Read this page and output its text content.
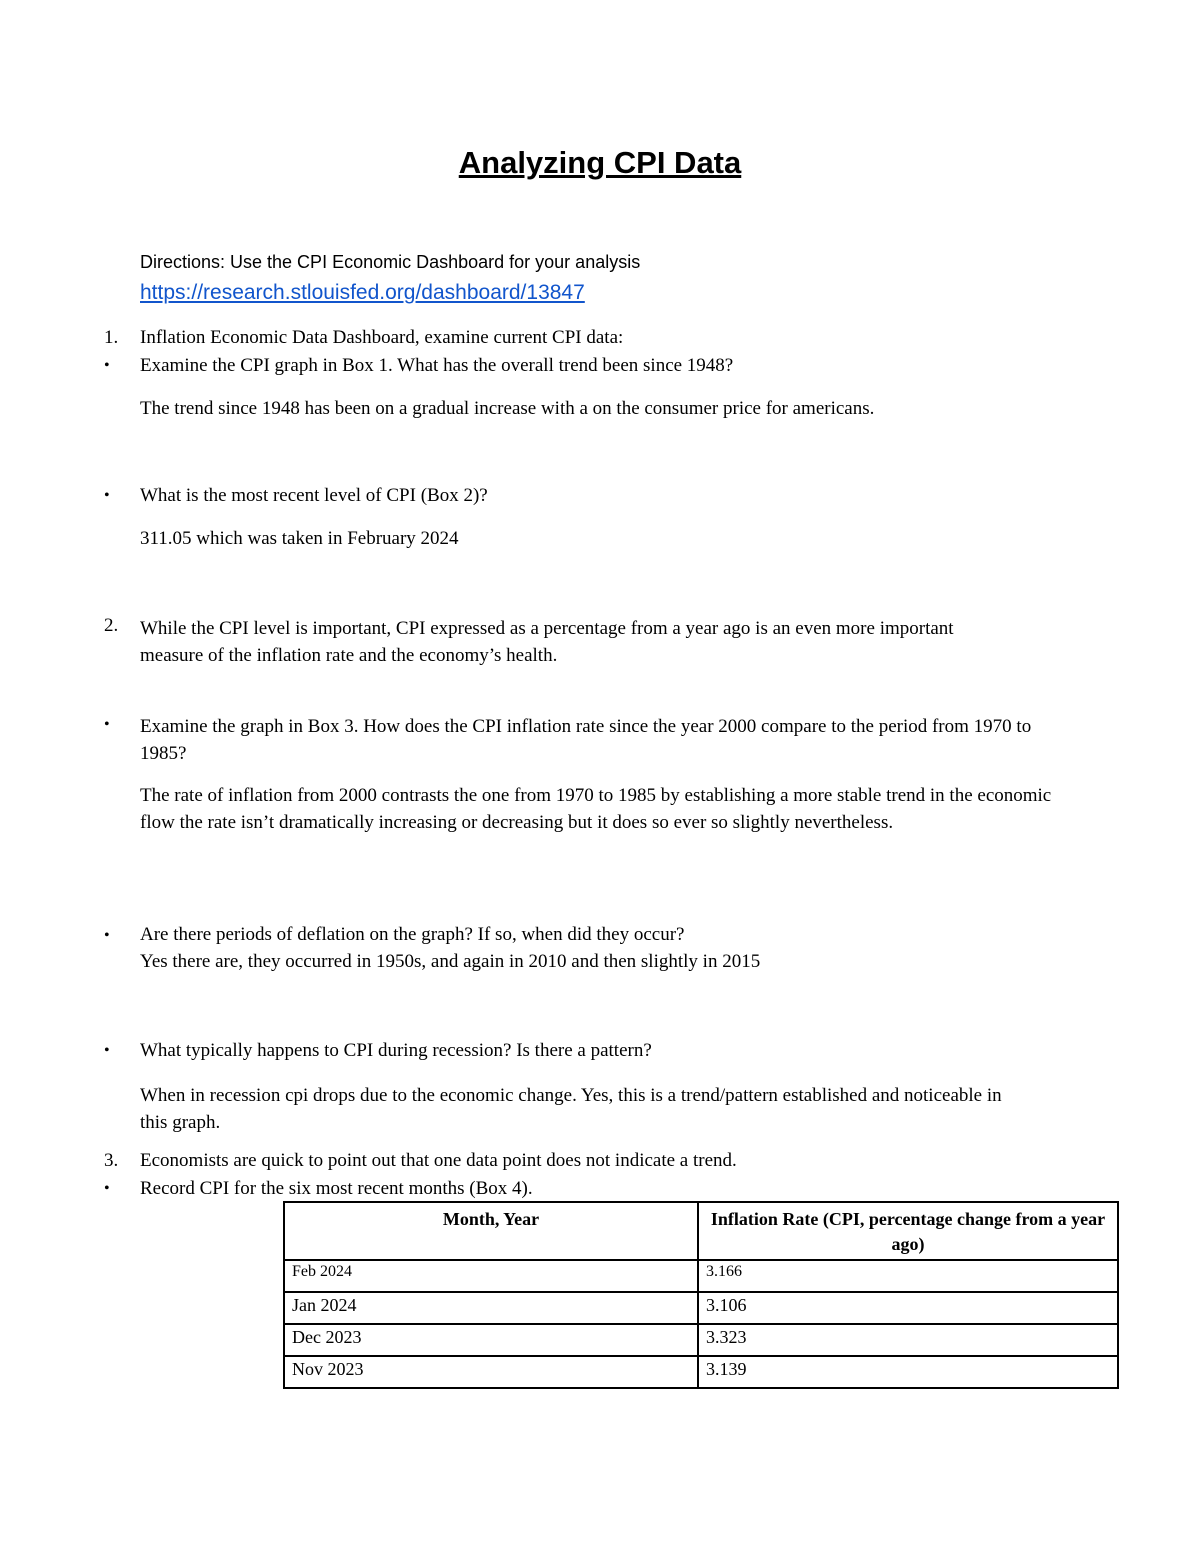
Analyzing CPI Data
Directions: Use the CPI Economic Dashboard for your analysis
https://research.stlouisfed.org/dashboard/13847
1. Inflation Economic Data Dashboard, examine current CPI data:
• Examine the CPI graph in Box 1. What has the overall trend been since 1948?
The trend since 1948 has been on a gradual increase with a on the consumer price for americans.
• What is the most recent level of CPI (Box 2)?
311.05 which was taken in February 2024
2. While the CPI level is important, CPI expressed as a percentage from a year ago is an even more important measure of the inflation rate and the economy’s health.
• Examine the graph in Box 3. How does the CPI inflation rate since the year 2000 compare to the period from 1970 to 1985?
The rate of inflation from 2000 contrasts the one from 1970 to 1985 by establishing a more stable trend in the economic flow the rate isn’t dramatically increasing or decreasing but it does so ever so slightly nevertheless.
• Are there periods of deflation on the graph? If so, when did they occur?
Yes there are, they occurred in 1950s, and again in 2010 and then slightly in 2015
• What typically happens to CPI during recession? Is there a pattern?
When in recession cpi drops due to the economic change. Yes, this is a trend/pattern established and noticeable in this graph.
3. Economists are quick to point out that one data point does not indicate a trend.
• Record CPI for the six most recent months (Box 4).
Month, Year	Inflation Rate (CPI, percentage change from a year ago)
Feb 2024	3.166
Jan 2024	3.106
Dec 2023	3.323
Nov 2023	3.139
